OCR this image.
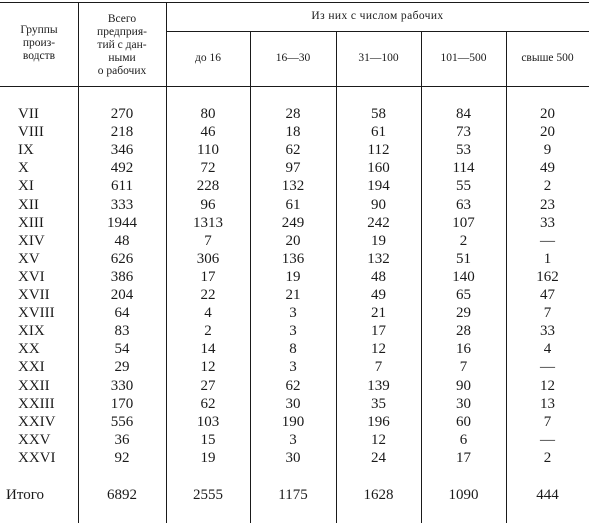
Группы
произ-
водств
Всего
предприя-
тий с дан-
ными
о рабочих
Из них с числом рабочих
до 16	16—30	31—100	101—500	свыше 500
VII	270	80	28	58	84	20
VIII	218	46	18	61	73	20
IX	346	110	62	112	53	9
X	492	72	97	160	114	49
XI	611	228	132	194	55	2
XII	333	96	61	90	63	23
XIII	1944	1313	249	242	107	33
XIV	48	7	20	19	2	—
XV	626	306	136	132	51	1
XVI	386	17	19	48	140	162
XVII	204	22	21	49	65	47
XVIII	64	4	3	21	29	7
XIX	83	2	3	17	28	33
XX	54	14	8	12	16	4
XXI	29	12	3	7	7	—
XXII	330	27	62	139	90	12
XXIII	170	62	30	35	30	13
XXIV	556	103	190	196	60	7
XXV	36	15	3	12	6	—
XXVI	92	19	30	24	17	2
Итого	6892	2555	1175	1628	1090	444
